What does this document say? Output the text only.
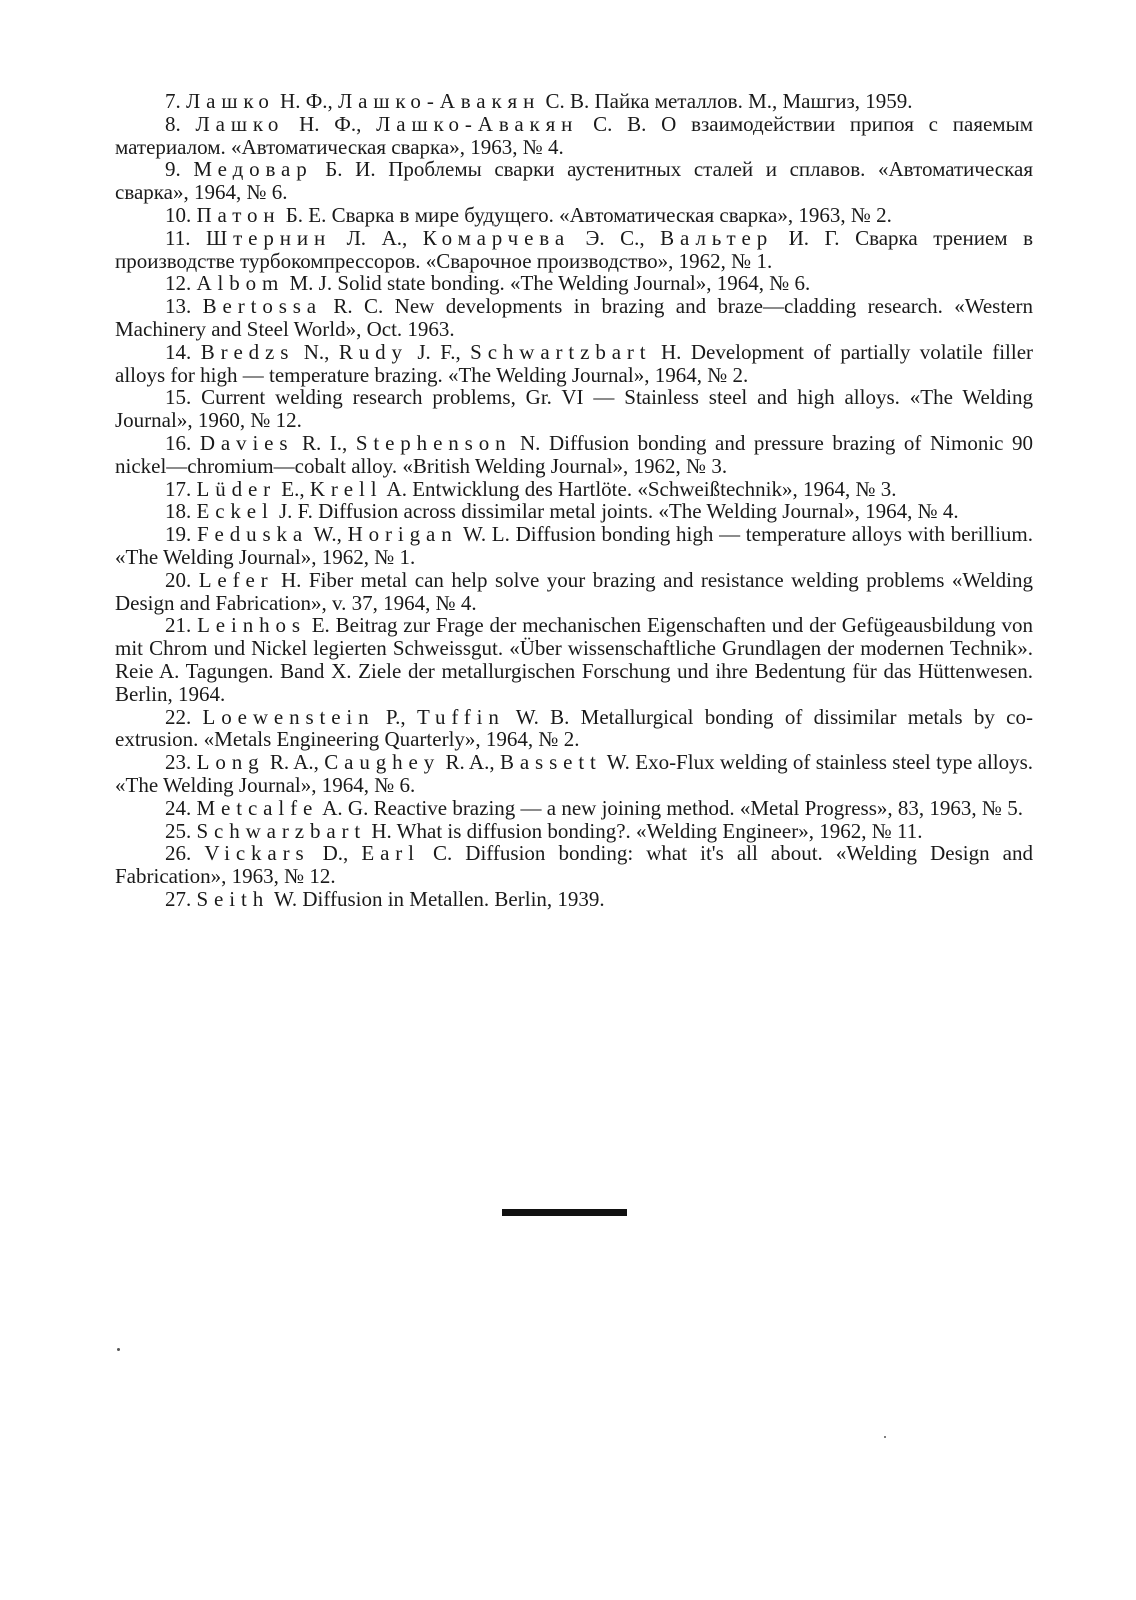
7. Лашко Н. Ф., Лашко-Авакян С. В. Пайка металлов. М., Машгиз, 1959.

8. Лашко Н. Ф., Лашко-Авакян С. В. О взаимодействии припоя с паяемым материалом. «Автоматическая сварка», 1963, № 4.

9. Медовар Б. И. Проблемы сварки аустенитных сталей и сплавов. «Автоматическая сварка», 1964, № 6.

10. Патон Б. Е. Сварка в мире будущего. «Автоматическая сварка», 1963, № 2.

11. Штернин Л. А., Комарчева Э. С., Вальтер И. Г. Сварка трением в производстве турбокомпрессоров. «Сварочное производство», 1962, № 1.

12. Albom M. J. Solid state bonding. «The Welding Journal», 1964, № 6.

13. Bertossa R. C. New developments in brazing and braze—cladding research. «Western Machinery and Steel World», Oct. 1963.

14. Bredzs N., Rudy J. F., Schwartzbart H. Development of partially volatile filler alloys for high — temperature brazing. «The Welding Journal», 1964, № 2.

15. Current welding research problems, Gr. VI — Stainless steel and high alloys. «The Welding Journal», 1960, № 12.

16. Davies R. I., Stephenson N. Diffusion bonding and pressure brazing of Nimonic 90 nickel—chromium—cobalt alloy. «British Welding Journal», 1962, № 3.

17. Lüder E., Krell A. Entwicklung des Hartlöte. «Schweißtechnik», 1964, № 3.

18. Eckel J. F. Diffusion across dissimilar metal joints. «The Welding Journal», 1964, № 4.

19. Feduska W., Horigan W. L. Diffusion bonding high — temperature alloys with berillium. «The Welding Journal», 1962, № 1.

20. Lefer H. Fiber metal can help solve your brazing and resistance welding problems «Welding Design and Fabrication», v. 37, 1964, № 4.

21. Leinhos E. Beitrag zur Frage der mechanischen Eigenschaften und der Gefügeausbildung von mit Chrom und Nickel legierten Schweissgut. «Über wissenschaftliche Grundlagen der modernen Technik». Reie A. Tagungen. Band X. Ziele der metallurgischen Forschung und ihre Bedentung für das Hüttenwesen. Berlin, 1964.

22. Loewenstein P., Tuffin W. B. Metallurgical bonding of dissimilar metals by co-extrusion. «Metals Engineering Quarterly», 1964, № 2.

23. Long R. A., Caughey R. A., Bassett W. Exo-Flux welding of stainless steel type alloys. «The Welding Journal», 1964, № 6.

24. Metcalfe A. G. Reactive brazing — a new joining method. «Metal Progress», 83, 1963, № 5.

25. Schwarzbart H. What is diffusion bonding?. «Welding Engineer», 1962, № 11.

26. Vickars D., Earl C. Diffusion bonding: what it's all about. «Welding Design and Fabrication», 1963, № 12.

27. Seith W. Diffusion in Metallen. Berlin, 1939.
